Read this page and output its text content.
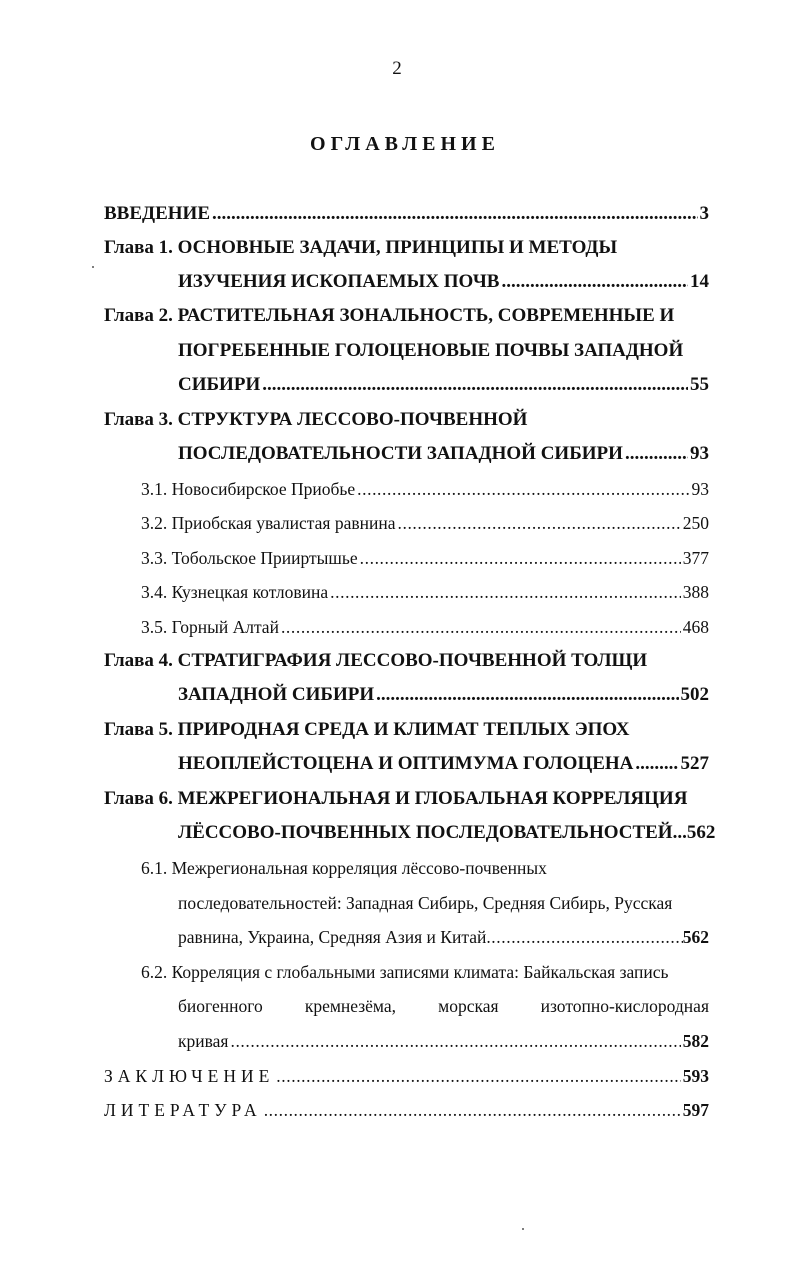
2
ОГЛАВЛЕНИЕ
ВВЕДЕНИЕ .....	3
Глава 1.
ОСНОВНЫЕ ЗАДАЧИ, ПРИНЦИПЫ И МЕТОДЫ
ИЗУЧЕНИЯ ИСКОПАЕМЫХ ПОЧВ .....	14
Глава 2.
РАСТИТЕЛЬНАЯ ЗОНАЛЬНОСТЬ, СОВРЕМЕННЫЕ И
ПОГРЕБЕННЫЕ ГОЛОЦЕНОВЫЕ ПОЧВЫ ЗАПАДНОЙ
СИБИРИ .....	55
Глава 3.
СТРУКТУРА ЛЕССОВО-ПОЧВЕННОЙ
ПОСЛЕДОВАТЕЛЬНОСТИ ЗАПАДНОЙ СИБИРИ .....	93
3.1.
Новосибирское Приобье .....	93
3.2.
Приобская увалистая равнина .....	250
3.3.
Тобольское Прииртышье .....	377
3.4.
Кузнецкая котловина .....	388
3.5.
Горный Алтай .....	468
Глава 4.
СТРАТИГРАФИЯ ЛЕССОВО-ПОЧВЕННОЙ ТОЛЩИ
ЗАПАДНОЙ СИБИРИ .....	502
Глава 5.
ПРИРОДНАЯ СРЕДА И КЛИМАТ ТЕПЛЫХ ЭПОХ
НЕОПЛЕЙСТОЦЕНА И ОПТИМУМА ГОЛОЦЕНА ..... 527
Глава 6.
МЕЖРЕГИОНАЛЬНАЯ И ГЛОБАЛЬНАЯ КОРРЕЛЯЦИЯ
ЛЁССОВО-ПОЧВЕННЫХ ПОСЛЕДОВАТЕЛЬНОСТЕЙ... 562
6.1.
Межрегиональная корреляция лёссово-почвенных
последовательностей: Западная Сибирь, Средняя Сибирь, Русская
равнина, Украина, Средняя Азия и Китай .....	562
6.2.
Корреляция с глобальными записями климата: Байкальская запись
биогенного кремнезёма, морская изотопно-кислородная
кривая .....	582
ЗАКЛЮЧЕНИЕ .....	593
ЛИТЕРАТУРА .....	597
